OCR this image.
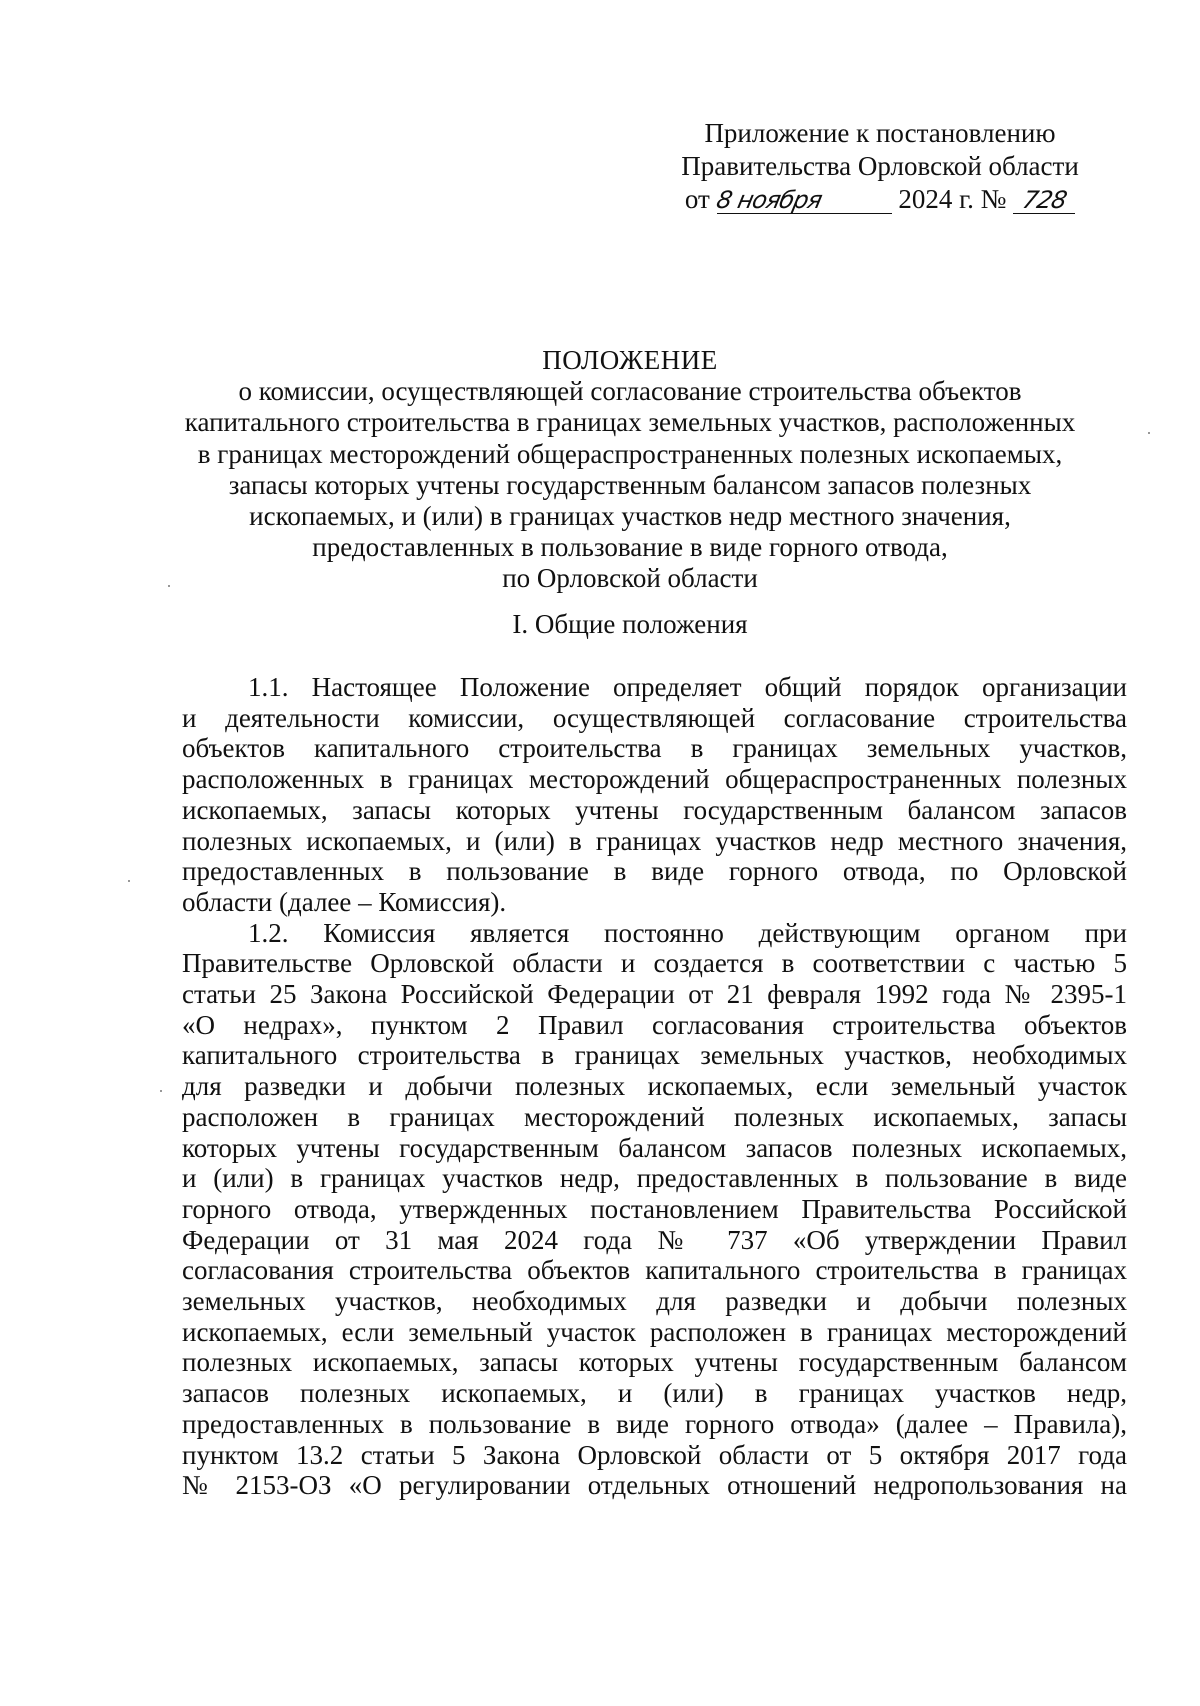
Приложение к постановлению
Правительства Орловской области
от 8 ноября	2024 г. № 728
ПОЛОЖЕНИЕ
о комиссии, осуществляющей согласование строительства объектов
капитального строительства в границах земельных участков, расположенных
в границах месторождений общераспространенных полезных ископаемых,
запасы которых учтены государственным балансом запасов полезных
ископаемых, и (или) в границах участков недр местного значения,
предоставленных в пользование в виде горного отвода,
по Орловской области
I. Общие положения
1.1. Настоящее Положение определяет общий порядок организации
и деятельности комиссии, осуществляющей согласование строительства
объектов капитального строительства в границах земельных участков,
расположенных в границах месторождений общераспространенных полезных
ископаемых, запасы которых учтены государственным балансом запасов
полезных ископаемых, и (или) в границах участков недр местного значения,
предоставленных в пользование в виде горного отвода, по Орловской
области (далее – Комиссия).
1.2. Комиссия является постоянно действующим органом при
Правительстве Орловской области и создается в соответствии с частью 5
статьи 25 Закона Российской Федерации от 21 февраля 1992 года № 2395-1
«О недрах», пунктом 2 Правил согласования строительства объектов
капитального строительства в границах земельных участков, необходимых
для разведки и добычи полезных ископаемых, если земельный участок
расположен в границах месторождений полезных ископаемых, запасы
которых учтены государственным балансом запасов полезных ископаемых,
и (или) в границах участков недр, предоставленных в пользование в виде
горного отвода, утвержденных постановлением Правительства Российской
Федерации от 31 мая 2024 года № 737 «Об утверждении Правил
согласования строительства объектов капитального строительства в границах
земельных участков, необходимых для разведки и добычи полезных
ископаемых, если земельный участок расположен в границах месторождений
полезных ископаемых, запасы которых учтены государственным балансом
запасов полезных ископаемых, и (или) в границах участков недр,
предоставленных в пользование в виде горного отвода» (далее – Правила),
пунктом 13.2 статьи 5 Закона Орловской области от 5 октября 2017 года
№ 2153-ОЗ «О регулировании отдельных отношений недропользования на
